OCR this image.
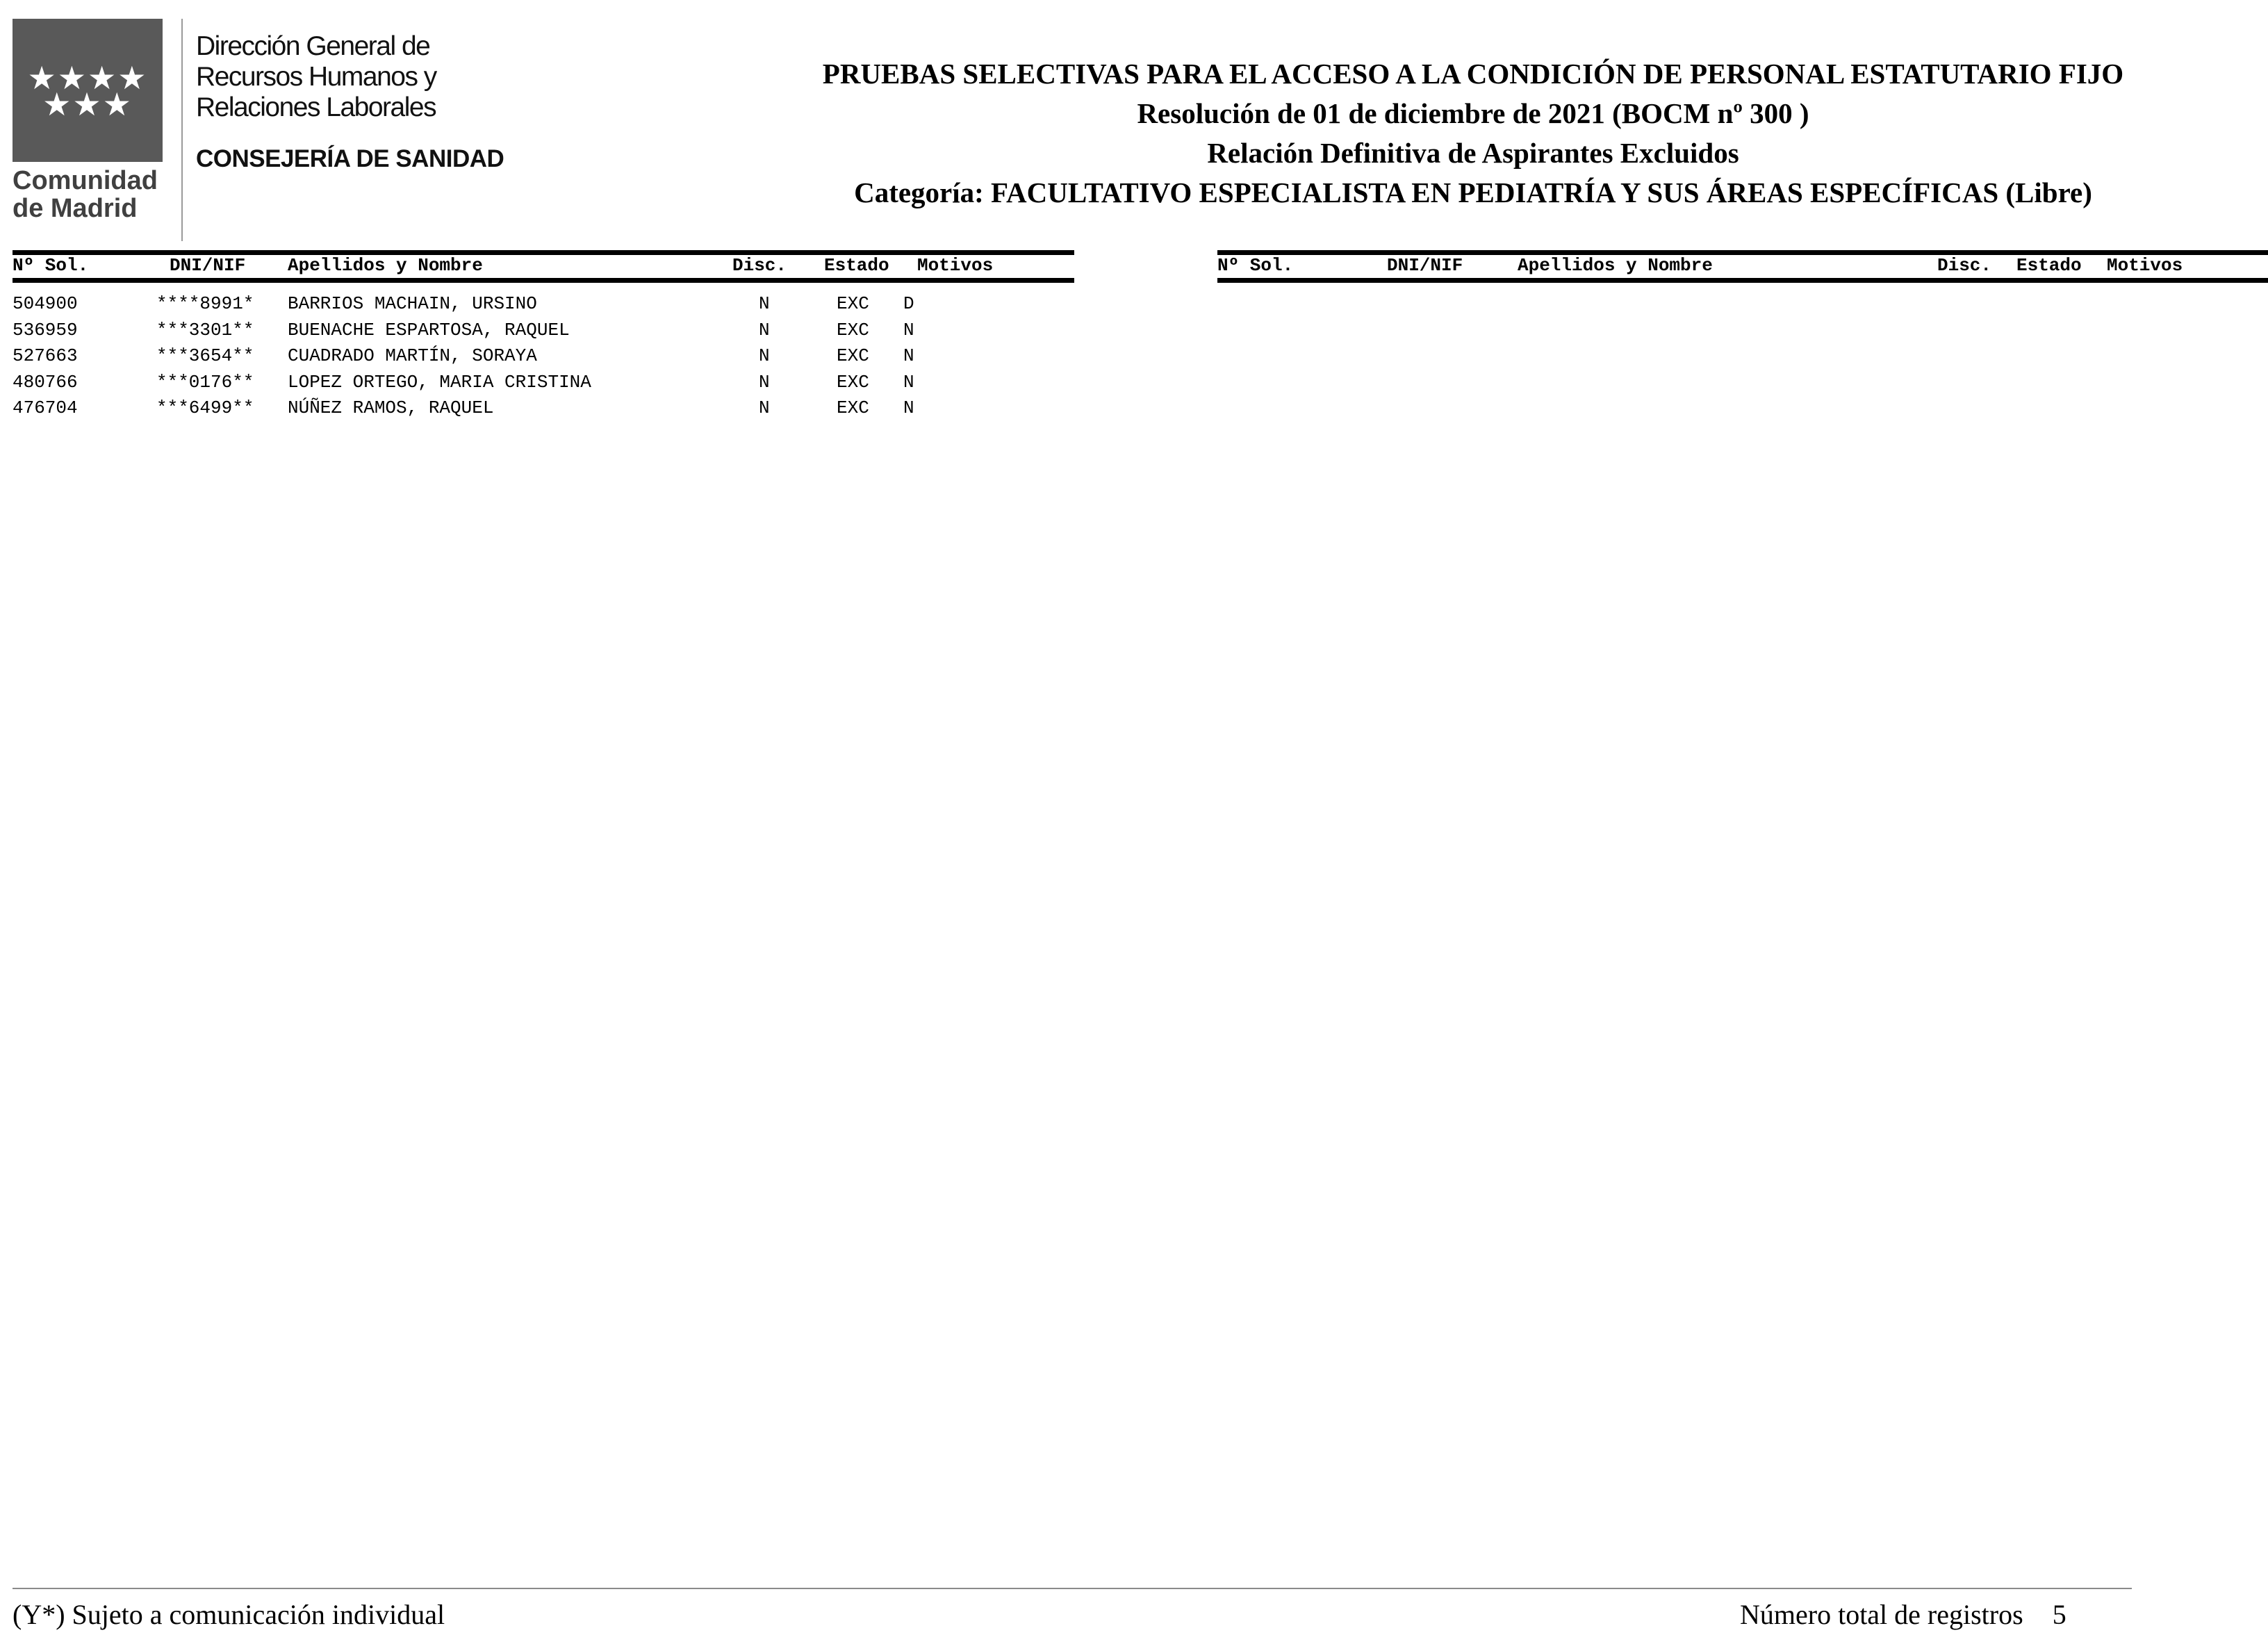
★★★★
★★★
Comunidad
de Madrid
Dirección General de
Recursos Humanos y
Relaciones Laborales
CONSEJERÍA DE SANIDAD
PRUEBAS SELECTIVAS PARA EL ACCESO A LA CONDICIÓN DE PERSONAL ESTATUTARIO FIJO
Resolución de 01 de diciembre de 2021 (BOCM nº 300 )
Relación Definitiva de Aspirantes Excluidos
Categoría: FACULTATIVO ESPECIALISTA EN PEDIATRÍA Y SUS ÁREAS ESPECÍFICAS (Libre)
Nº Sol.	DNI/NIF Apellidos y Nombre	Disc. Estado Motivos	Nº Sol.	DNI/NIF	Apellidos y Nombre	Disc. Estado Motivos
504900	****8991* BARRIOS MACHAIN, URSINO	N	EXC D
536959	***3301** BUENACHE ESPARTOSA, RAQUEL	N	EXC N
527663	***3654** CUADRADO MARTÍN, SORAYA	N	EXC N
480766	***0176** LOPEZ ORTEGO, MARIA CRISTINA	N	EXC N
476704	***6499** NÚÑEZ RAMOS, RAQUEL	N	EXC N
(Y*) Sujeto a comunicación individual	Número total de registros 5
